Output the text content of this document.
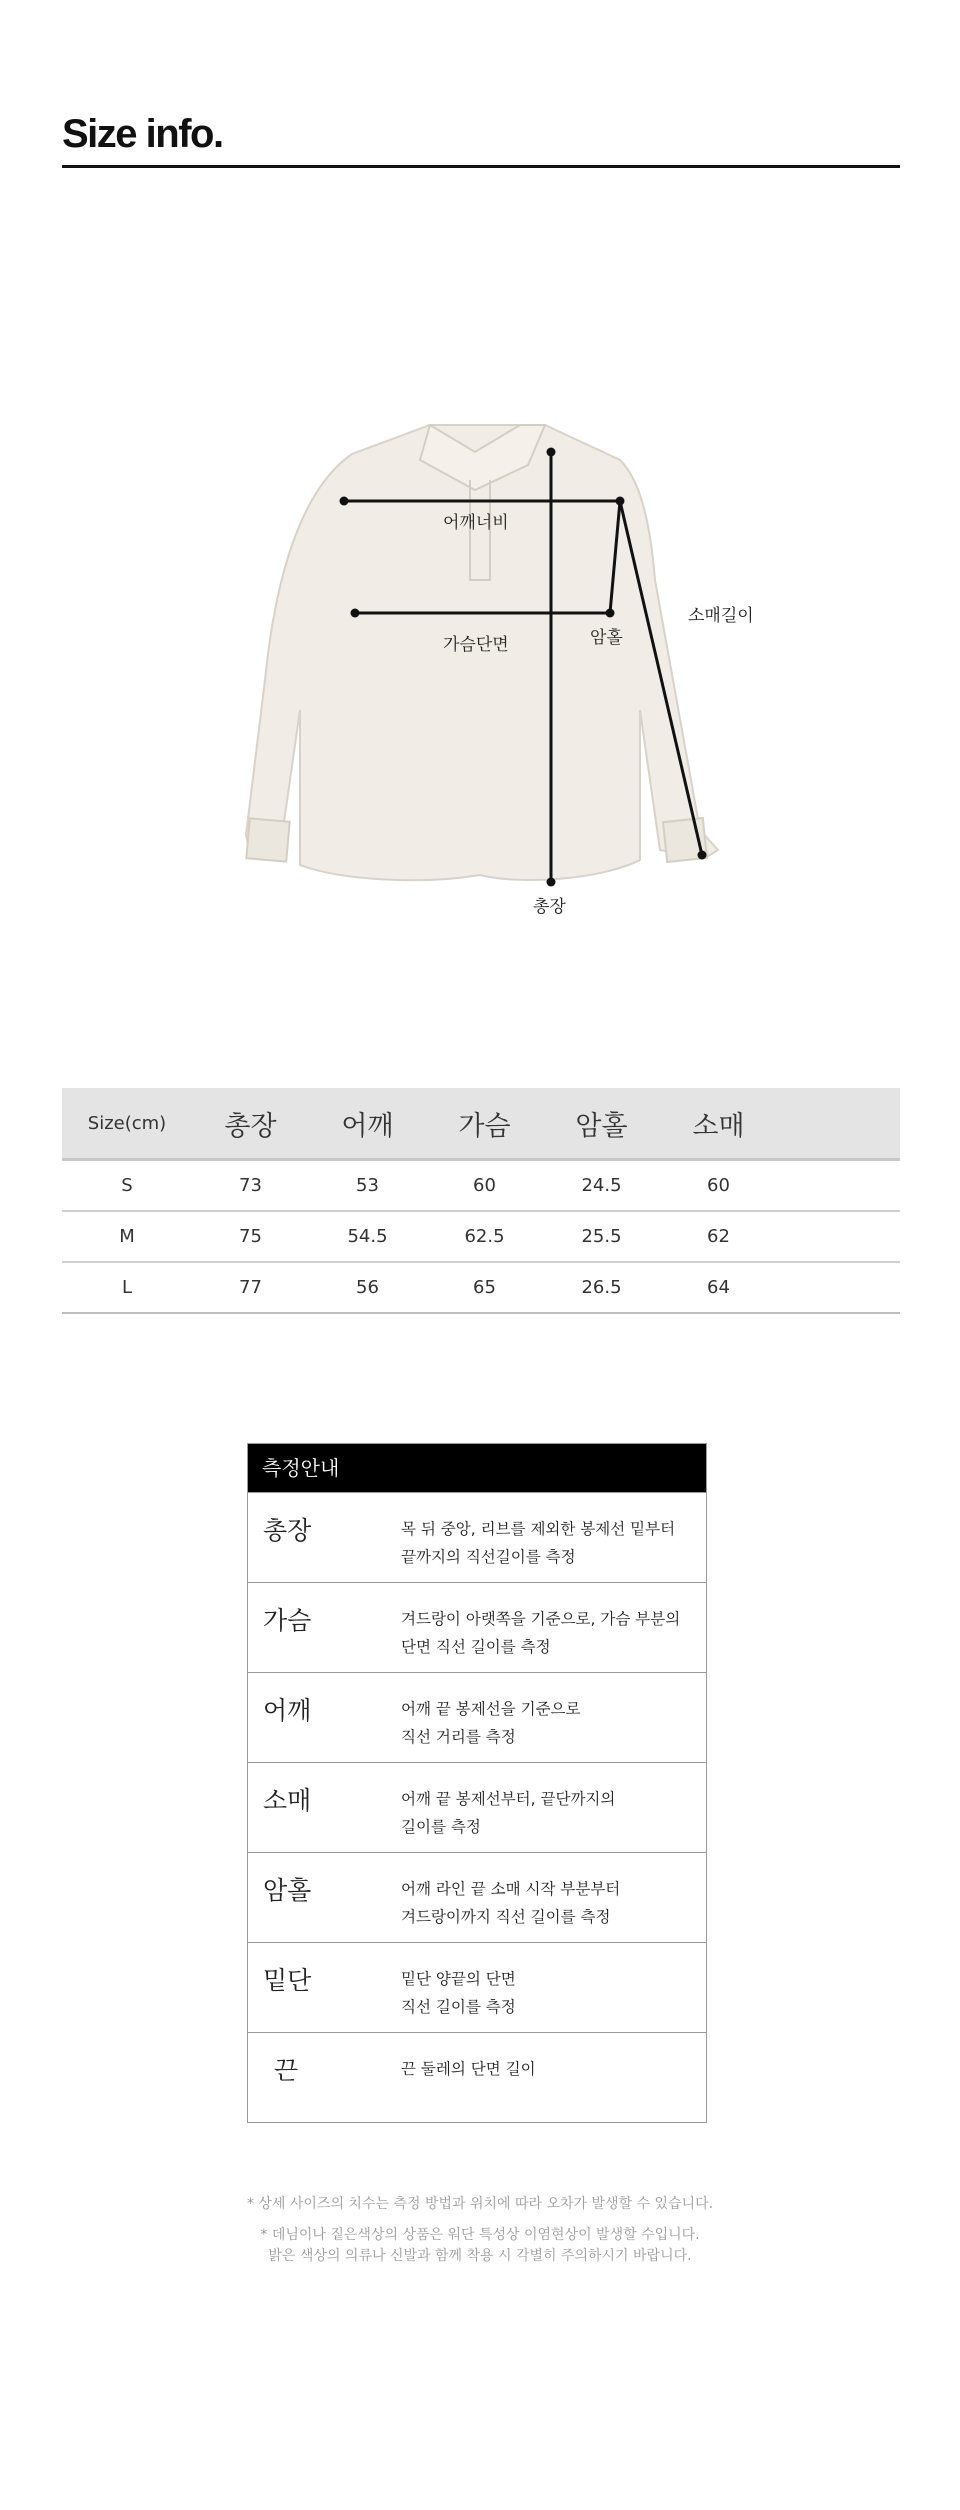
Size info.
어깨너비
가슴단면	암홀
소매길이
총장
Size(cm)	총장	어깨	가슴	암홀	소매	
S	73	53	60	24.5	60	
M	75	54.5	62.5	25.5	62	
L	77	56	65	26.5	64	
측정안내
총장	목 뒤 중앙, 리브를 제외한 봉제선 밑부터
끝까지의 직선길이를 측정
가슴	겨드랑이 아랫쪽을 기준으로, 가슴 부분의
단면 직선 길이를 측정
어깨	어깨 끝 봉제선을 기준으로
직선 거리를 측정
소매	어깨 끝 봉제선부터, 끝단까지의
길이를 측정
암홀	어깨 라인 끝 소매 시작 부분부터
겨드랑이까지 직선 길이를 측정
밑단	밑단 양끝의 단면
직선 길이를 측정
끈	끈 둘레의 단면 길이
* 상세 사이즈의 치수는 측정 방법과 위치에 따라 오차가 발생할 수 있습니다.
* 데님이나 짙은색상의 상품은 워단 특성상 이염현상이 발생할 수입니다.
밝은 색상의 의류나 신발과 함께 착용 시 각별히 주의하시기 바랍니다.
